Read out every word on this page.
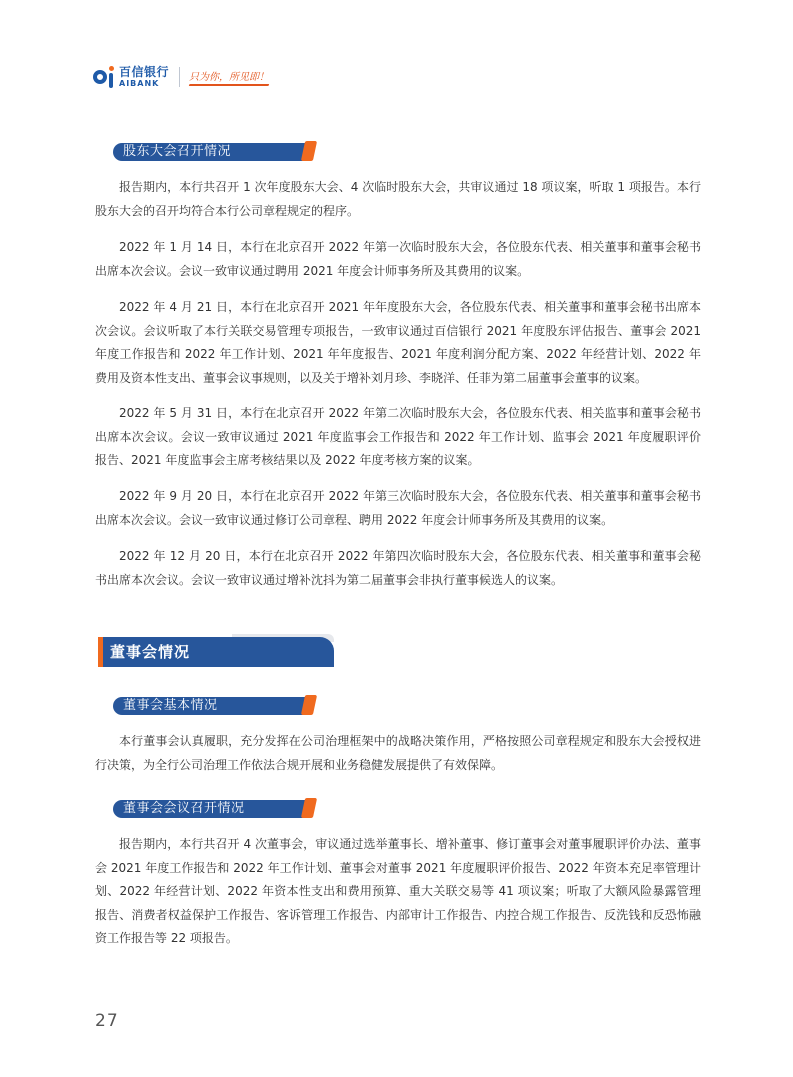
百信银行
AIBANK
只为你，所见即！
股东大会召开情况

报告期内，本行共召开 1 次年度股东大会、4 次临时股东大会，共审议通过 18 项议案，听取 1 项报告。本行股东大会的召开均符合本行公司章程规定的程序。

2022 年 1 月 14 日，本行在北京召开 2022 年第一次临时股东大会，各位股东代表、相关董事和董事会秘书出席本次会议。会议一致审议通过聘用 2021 年度会计师事务所及其费用的议案。

2022 年 4 月 21 日，本行在北京召开 2021 年年度股东大会，各位股东代表、相关董事和董事会秘书出席本次会议。会议听取了本行关联交易管理专项报告，一致审议通过百信银行 2021 年度股东评估报告、董事会 2021 年度工作报告和 2022 年工作计划、2021 年年度报告、2021 年度利润分配方案、2022 年经营计划、2022 年费用及资本性支出、董事会议事规则，以及关于增补刘月珍、李晓洋、任菲为第二届董事会董事的议案。

2022 年 5 月 31 日，本行在北京召开 2022 年第二次临时股东大会，各位股东代表、相关监事和董事会秘书出席本次会议。会议一致审议通过 2021 年度监事会工作报告和 2022 年工作计划、监事会 2021 年度履职评价报告、2021 年度监事会主席考核结果以及 2022 年度考核方案的议案。

2022 年 9 月 20 日，本行在北京召开 2022 年第三次临时股东大会，各位股东代表、相关董事和董事会秘书出席本次会议。会议一致审议通过修订公司章程、聘用 2022 年度会计师事务所及其费用的议案。

2022 年 12 月 20 日，本行在北京召开 2022 年第四次临时股东大会，各位股东代表、相关董事和董事会秘书出席本次会议。会议一致审议通过增补沈抖为第二届董事会非执行董事候选人的议案。

董事会情况
董事会基本情况

本行董事会认真履职，充分发挥在公司治理框架中的战略决策作用，严格按照公司章程规定和股东大会授权进行决策，为全行公司治理工作依法合规开展和业务稳健发展提供了有效保障。

董事会会议召开情况

报告期内，本行共召开 4 次董事会，审议通过选举董事长、增补董事、修订董事会对董事履职评价办法、董事会 2021 年度工作报告和 2022 年工作计划、董事会对董事 2021 年度履职评价报告、2022 年资本充足率管理计划、2022 年经营计划、2022 年资本性支出和费用预算、重大关联交易等 41 项议案；听取了大额风险暴露管理报告、消费者权益保护工作报告、客诉管理工作报告、内部审计工作报告、内控合规工作报告、反洗钱和反恐怖融资工作报告等 22 项报告。

27
